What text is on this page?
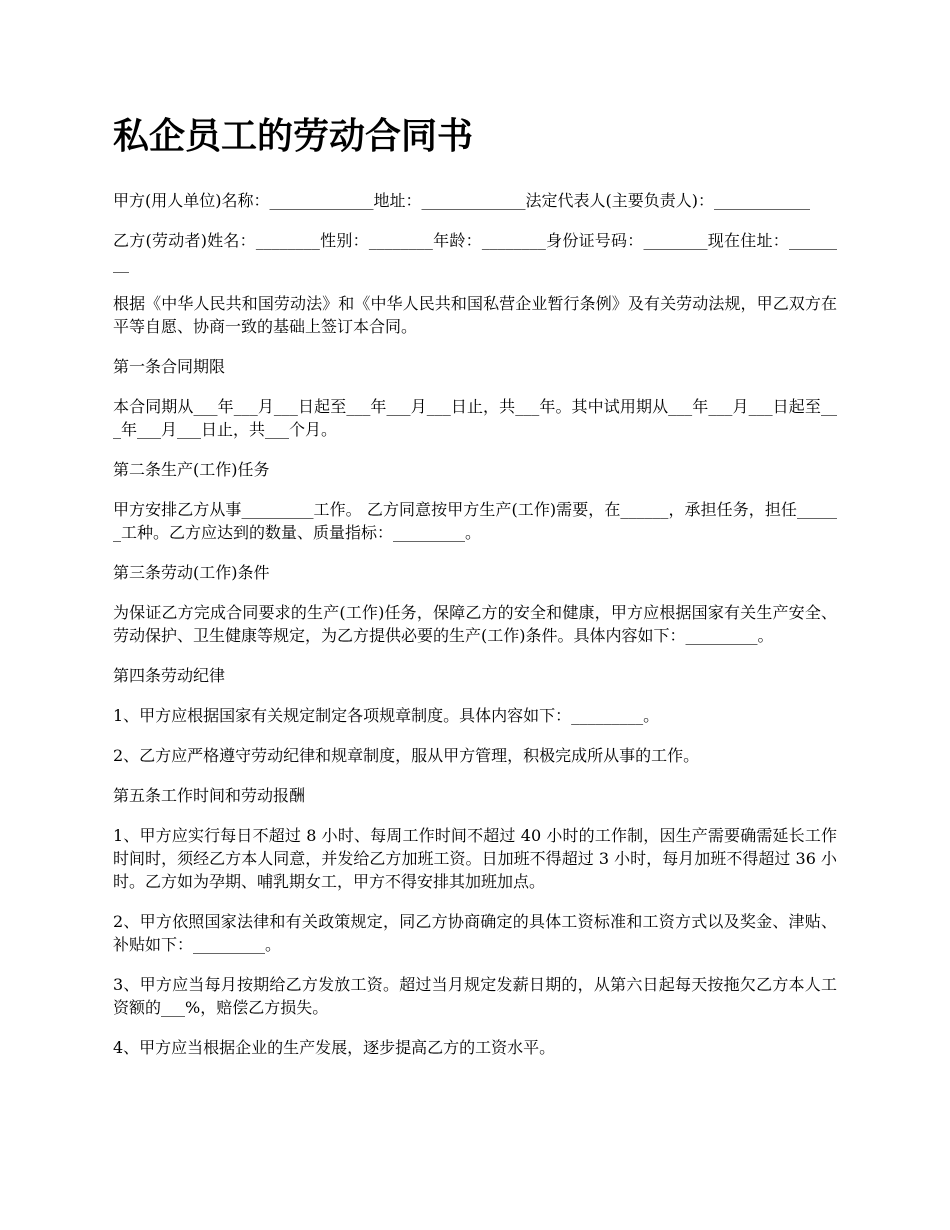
私企员工的劳动合同书

甲方(用人单位)名称：_____________地址：_____________法定代表人(主要负责人)：____________

乙方(劳动者)姓名：________性别：________年龄：________身份证号码：________现在住址：________

根据《中华人民共和国劳动法》和《中华人民共和国私营企业暂行条例》及有关劳动法规，甲乙双方在平等自愿、协商一致的基础上签订本合同。

第一条合同期限

本合同期从___年___月___日起至___年___月___日止，共___年。其中试用期从___年___月___日起至___年___月___日止，共___个月。

第二条生产(工作)任务

甲方安排乙方从事_________工作。 乙方同意按甲方生产(工作)需要，在______，承担任务，担任______工种。乙方应达到的数量、质量指标：_________。

第三条劳动(工作)条件

为保证乙方完成合同要求的生产(工作)任务，保障乙方的安全和健康，甲方应根据国家有关生产安全、劳动保护、卫生健康等规定，为乙方提供必要的生产(工作)条件。具体内容如下：_________。

第四条劳动纪律

1、甲方应根据国家有关规定制定各项规章制度。具体内容如下：_________。

2、乙方应严格遵守劳动纪律和规章制度，服从甲方管理，积极完成所从事的工作。

第五条工作时间和劳动报酬

1、甲方应实行每日不超过 8 小时、每周工作时间不超过 40 小时的工作制，因生产需要确需延长工作时间时，须经乙方本人同意，并发给乙方加班工资。日加班不得超过 3 小时，每月加班不得超过 36 小时。乙方如为孕期、哺乳期女工，甲方不得安排其加班加点。

2、甲方依照国家法律和有关政策规定，同乙方协商确定的具体工资标准和工资方式以及奖金、津贴、补贴如下：_________。

3、甲方应当每月按期给乙方发放工资。超过当月规定发薪日期的，从第六日起每天按拖欠乙方本人工资额的___%，赔偿乙方损失。

4、甲方应当根据企业的生产发展，逐步提高乙方的工资水平。
